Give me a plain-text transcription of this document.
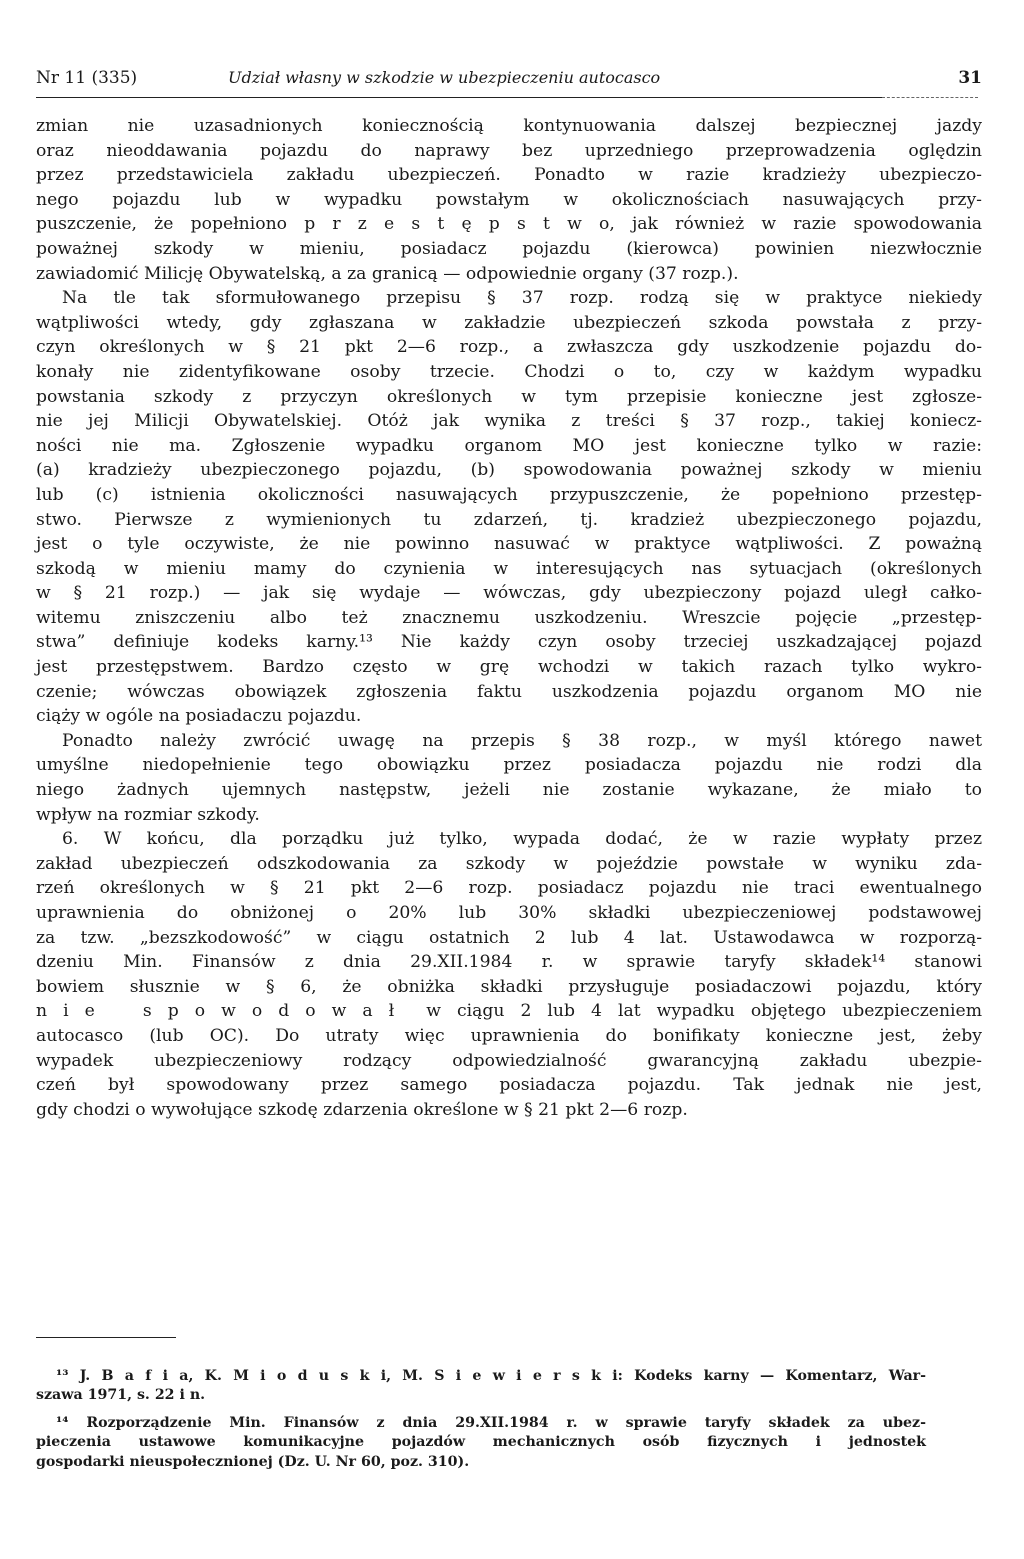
Nr 11 (335)	Udział własny w szkodzie w ubezpieczeniu autocasco	31
zmian nie uzasadnionych koniecznością kontynuowania dalszej bezpiecznej jazdy
oraz nieoddawania pojazdu do naprawy bez uprzedniego przeprowadzenia oględzin
przez przedstawiciela zakładu ubezpieczeń. Ponadto w razie kradzieży ubezpieczo-
nego pojazdu lub w wypadku powstałym w okolicznościach nasuwających przy-
puszczenie, że popełniono p r z e s t ę p s t w o, jak również w razie spowodowania
poważnej szkody w mieniu, posiadacz pojazdu (kierowca) powinien niezwłocznie
zawiadomić Milicję Obywatelską, a za granicą — odpowiednie organy (37 rozp.).
Na tle tak sformułowanego przepisu § 37 rozp. rodzą się w praktyce niekiedy
wątpliwości wtedy, gdy zgłaszana w zakładzie ubezpieczeń szkoda powstała z przy-
czyn określonych w § 21 pkt 2—6 rozp., a zwłaszcza gdy uszkodzenie pojazdu do-
konały nie zidentyfikowane osoby trzecie. Chodzi o to, czy w każdym wypadku
powstania szkody z przyczyn określonych w tym przepisie konieczne jest zgłosze-
nie jej Milicji Obywatelskiej. Otóż jak wynika z treści § 37 rozp., takiej koniecz-
ności nie ma. Zgłoszenie wypadku organom MO jest konieczne tylko w razie:
(a) kradzieży ubezpieczonego pojazdu, (b) spowodowania poważnej szkody w mieniu
lub (c) istnienia okoliczności nasuwających przypuszczenie, że popełniono przestęp-
stwo. Pierwsze z wymienionych tu zdarzeń, tj. kradzież ubezpieczonego pojazdu,
jest o tyle oczywiste, że nie powinno nasuwać w praktyce wątpliwości. Z poważną
szkodą w mieniu mamy do czynienia w interesujących nas sytuacjach (określonych
w § 21 rozp.) — jak się wydaje — wówczas, gdy ubezpieczony pojazd uległ całko-
witemu zniszczeniu albo też znacznemu uszkodzeniu. Wreszcie pojęcie „przestęp-
stwa” definiuje kodeks karny.¹³ Nie każdy czyn osoby trzeciej uszkadzającej pojazd
jest przestępstwem. Bardzo często w grę wchodzi w takich razach tylko wykro-
czenie; wówczas obowiązek zgłoszenia faktu uszkodzenia pojazdu organom MO nie
ciąży w ogóle na posiadaczu pojazdu.
Ponadto należy zwrócić uwagę na przepis § 38 rozp., w myśl którego nawet
umyślne niedopełnienie tego obowiązku przez posiadacza pojazdu nie rodzi dla
niego żadnych ujemnych następstw, jeżeli nie zostanie wykazane, że miało to
wpływ na rozmiar szkody.
6. W końcu, dla porządku już tylko, wypada dodać, że w razie wypłaty przez
zakład ubezpieczeń odszkodowania za szkody w pojeździe powstałe w wyniku zda-
rzeń określonych w § 21 pkt 2—6 rozp. posiadacz pojazdu nie traci ewentualnego
uprawnienia do obniżonej o 20% lub 30% składki ubezpieczeniowej podstawowej
za tzw. „bezszkodowość” w ciągu ostatnich 2 lub 4 lat. Ustawodawca w rozporzą-
dzeniu Min. Finansów z dnia 29.XII.1984 r. w sprawie taryfy składek¹⁴ stanowi
bowiem słusznie w § 6, że obniżka składki przysługuje posiadaczowi pojazdu, który
n i e   s p o w o d o w a ł  w ciągu 2 lub 4 lat wypadku objętego ubezpieczeniem
autocasco (lub OC). Do utraty więc uprawnienia do bonifikaty konieczne jest, żeby
wypadek ubezpieczeniowy rodzący odpowiedzialność gwarancyjną zakładu ubezpie-
czeń był spowodowany przez samego posiadacza pojazdu. Tak jednak nie jest,
gdy chodzi o wywołujące szkodę zdarzenia określone w § 21 pkt 2—6 rozp.
¹³ J. B a f i a, K. M i o d u s k i, M. S i e w i e r s k i: Kodeks karny — Komentarz, War-
szawa 1971, s. 22 i n.
¹⁴ Rozporządzenie Min. Finansów z dnia 29.XII.1984 r. w sprawie taryfy składek za ubez-
pieczenia ustawowe komunikacyjne pojazdów mechanicznych osób fizycznych i jednostek
gospodarki nieuspołecznionej (Dz. U. Nr 60, poz. 310).
